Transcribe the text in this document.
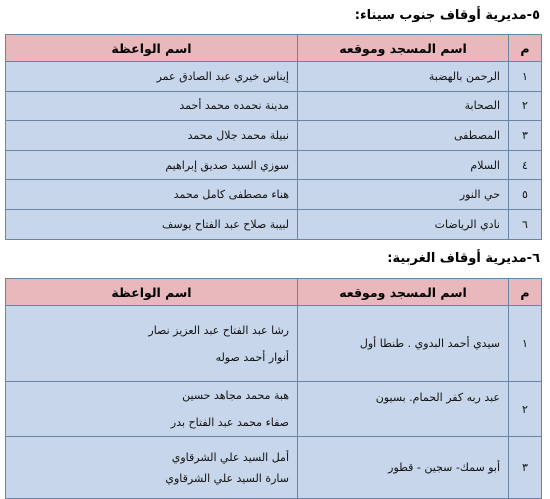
٥-مديرية أوقاف جنوب سيناء:
م	اسم المسجد وموقعه	اسم الواعظة
١	الرحمن بالهضبة	إيناس خيري عبد الصادق عمر
٢	الصحابة	مدينة نحمده محمد أحمد
٣	المصطفى	نبيلة محمد جلال محمد
٤	السلام	سوزي السيد صديق إبراهيم
٥	حي النور	هناء مصطفى كامل محمد
٦	نادي الرياضات	لبيبة صلاح عبد الفتاح يوسف
٦-مديرية أوقاف الغربية:
م	اسم المسجد وموقعه	اسم الواعظة
١	سيدي أحمد البدوي . طنطا أول	رشا عبد الفتاح عبد العزيز نصار
أنوار أحمد صوله

٢	عبد ربه كفر الحمام. بسيون	هبة محمد مجاهد حسين
صفاء محمد عبد الفتاح بدر

٣	أبو سمك- سجين - قطور	أمل السيد علي الشرقاوي
سارة السيد علي الشرقاوي
